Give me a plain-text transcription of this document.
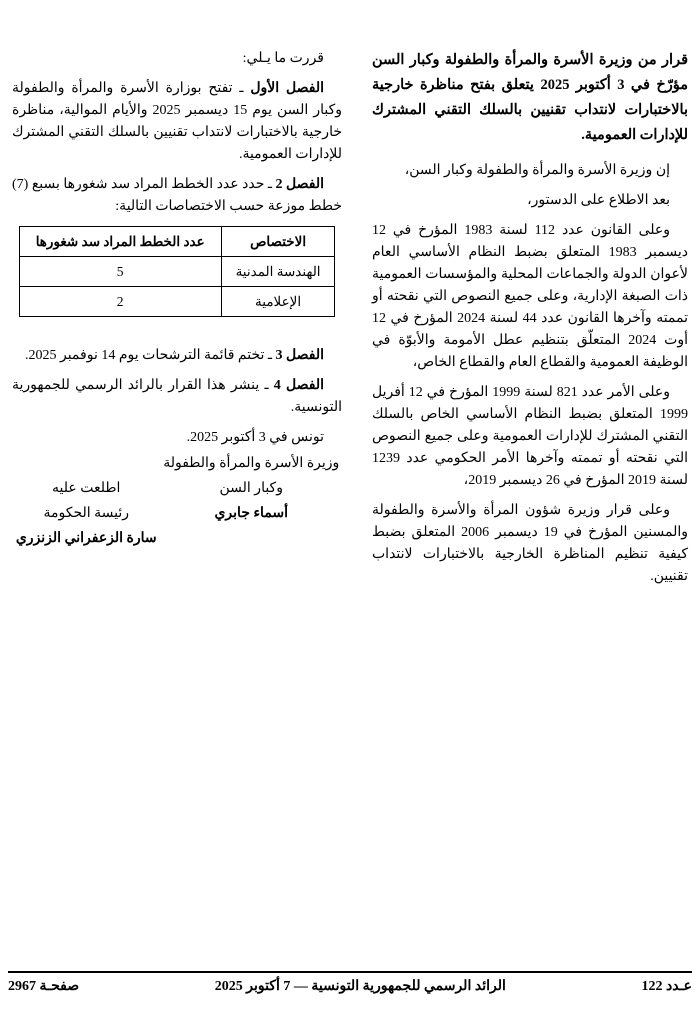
قرار من وزيرة الأسرة والمرأة والطفولة وكبار السن مؤرّخ في 3 أكتوبر 2025 يتعلق بفتح مناظرة خارجية بالاختبارات لانتداب تقنيين بالسلك التقني المشترك للإدارات العمومية.

إن وزيرة الأسرة والمرأة والطفولة وكبار السن،

بعد الاطلاع على الدستور،

وعلى القانون عدد 112 لسنة 1983 المؤرخ في 12 ديسمبر 1983 المتعلق بضبط النظام الأساسي العام لأعوان الدولة والجماعات المحلية والمؤسسات العمومية ذات الصبغة الإدارية، وعلى جميع النصوص التي نقحته أو تممته وآخرها القانون عدد 44 لسنة 2024 المؤرخ في 12 أوت 2024 المتعلّق بتنظيم عطل الأمومة والأبوّة في الوظيفة العمومية والقطاع العام والقطاع الخاص،

وعلى الأمر عدد 821 لسنة 1999 المؤرخ في 12 أفريل 1999 المتعلق بضبط النظام الأساسي الخاص بالسلك التقني المشترك للإدارات العمومية وعلى جميع النصوص التي نقحته أو تممته وآخرها الأمر الحكومي عدد 1239 لسنة 2019 المؤرخ في 26 ديسمبر 2019،

وعلى قرار وزيرة شؤون المرأة والأسرة والطفولة والمسنين المؤرخ في 19 ديسمبر 2006 المتعلق بضبط كيفية تنظيم المناظرة الخارجية بالاختبارات لانتداب تقنيين.

قررت ما يـلي:

الفصل الأول ـ تفتح بوزارة الأسرة والمرأة والطفولة وكبار السن يوم 15 ديسمبر 2025 والأيام الموالية، مناظرة خارجية بالاختبارات لانتداب تقنيين بالسلك التقني المشترك للإدارات العمومية.

الفصل 2 ـ حدد عدد الخطط المراد سد شغورها بسبع (7) خطط موزعة حسب الاختصاصات التالية:

الاختصاص	عدد الخطط المراد سد شغورها
الهندسة المدنية	5
الإعلامية	2

الفصل 3 ـ تختم قائمة الترشحات يوم 14 نوفمبر 2025.

الفصل 4 ـ ينشر هذا القرار بالرائد الرسمي للجمهورية التونسية.

تونس في 3 أكتوبر 2025.

وزيرة الأسرة والمرأة والطفولة
وكبار السن
أسماء جابري
اطلعت عليه
رئيسة الحكومة
سارة الزعفراني الزنزري
عـدد 122
الرائد الرسمي للجمهورية التونسية –– 7 أكتوبر 2025
صفحـة 2967
